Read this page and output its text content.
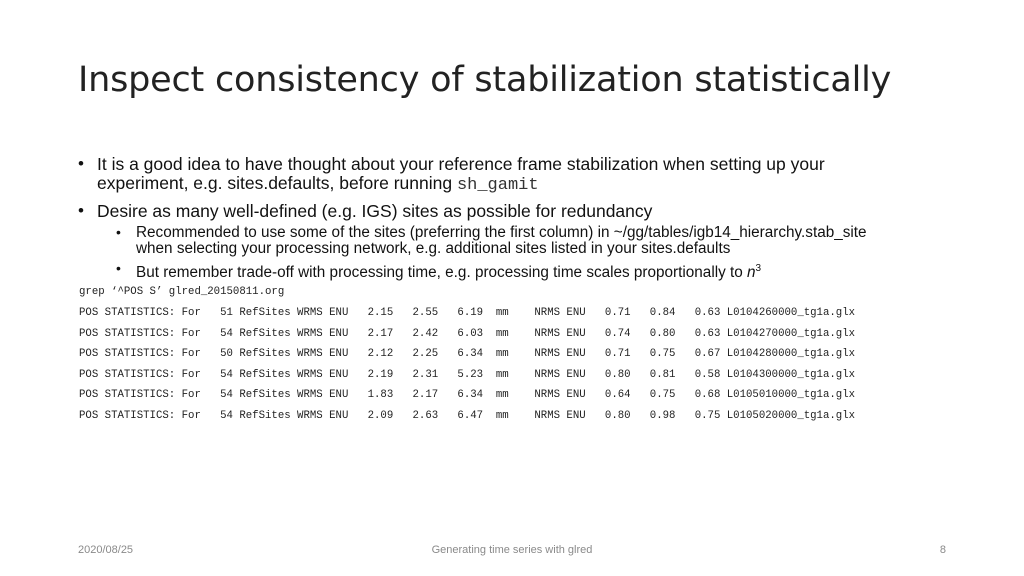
Inspect consistency of stabilization statistically
• It is a good idea to have thought about your reference frame stabilization when setting up your
experiment, e.g. sites.defaults, before running sh_gamit
• Desire as many well-defined (e.g. IGS) sites as possible for redundancy
• Recommended to use some of the sites (preferring the first column) in ~/gg/tables/igb14_hierarchy.stab_site
when selecting your processing network, e.g. additional sites listed in your sites.defaults
• But remember trade-off with processing time, e.g. processing time scales proportionally to $n^3$
grep ‘^POS S’ glred_20150811.org
POS STATISTICS: For   51 RefSites WRMS ENU   2.15   2.55   6.19  mm    NRMS ENU   0.71   0.84   0.63 L0104260000_tg1a.glx
POS STATISTICS: For   54 RefSites WRMS ENU   2.17   2.42   6.03  mm    NRMS ENU   0.74   0.80   0.63 L0104270000_tg1a.glx
POS STATISTICS: For   50 RefSites WRMS ENU   2.12   2.25   6.34  mm    NRMS ENU   0.71   0.75   0.67 L0104280000_tg1a.glx
POS STATISTICS: For   54 RefSites WRMS ENU   2.19   2.31   5.23  mm    NRMS ENU   0.80   0.81   0.58 L0104300000_tg1a.glx
POS STATISTICS: For   54 RefSites WRMS ENU   1.83   2.17   6.34  mm    NRMS ENU   0.64   0.75   0.68 L0105010000_tg1a.glx
POS STATISTICS: For   54 RefSites WRMS ENU   2.09   2.63   6.47  mm    NRMS ENU   0.80   0.98   0.75 L0105020000_tg1a.glx
2020/08/25	Generating time series with glred	8
